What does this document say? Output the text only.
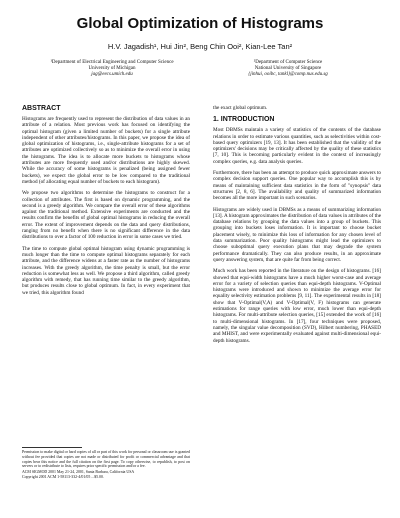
Global Optimization of Histograms
H.V. Jagadish¹, Hui Jin², Beng Chin Ooi², Kian-Lee Tan²
¹Department of Electrical Engineering and Computer Science
University of Michigan
jag@eecs.umich.edu
²Department of Computer Science
National University of Singapore
{jinhui, ooibc, tankl}@comp.nus.edu.sg
ABSTRACT

Histograms are frequently used to represent the distribution of data values in an attribute of a relation. Most previous work has focused on identifying the optimal histogram (given a limited number of buckets) for a single attribute independent of other attributes/histograms. In this paper, we propose the idea of global optimization of histograms, i.e., single-attribute histograms for a set of attributes are optimized collectively so as to minimize the overall error in using the histograms. The idea is to allocate more buckets to histograms whose attributes are more frequently used and/or distributions are highly skewed. While the accuracy of some histograms is penalized (being assigned fewer buckets), we expect the global error to be low compared to the traditional method (of allocating equal number of buckets to each histogram).

We propose two algorithms to determine the histograms to construct for a collection of attributes. The first is based on dynamic programming, and the second is a greedy algorithm. We compare the overall error of these algorithms against the traditional method. Extensive experiments are conducted and the results confirm the benefits of global optimal histograms in reducing the overall error. The extent of improvement depends on the data and query distributions, ranging from no benefit when there is no significant difference in the data distributions to over a factor of 100 reduction in error in some cases we tried.

The time to compute global optimal histogram using dynamic programming is much longer than the time to compute optimal histograms separately for each attribute, and the difference widens at a faster rate as the number of histograms increases. With the greedy algorithm, the time penalty is small, but the error reduction is somewhat less as well. We propose a third algorithm, called greedy algorithm with remedy, that has running time similar to the greedy algorithm, but produces results close to global optimum. In fact, in every experiment that we tried, this algorithm found

Permission to make digital or hard copies of all or part of this work for personal or classroom use is granted without fee provided that copies are not made or distributed for profit or commercial advantage and that copies bear this notice and the full citation on the first page. To copy otherwise, to republish, to post on servers or to redistribute to lists, requires prior specific permission and/or a fee.
ACM SIGMOD 2001 May 21-24, 2001, Santa Barbara, California USA
Copyright 2001 ACM 1-58113-332-4/01/05 ...$5.00.

the exact global optimum.

1. INTRODUCTION

Most DBMSs maintain a variety of statistics of the contents of the database relations in order to estimate various quantities, such as selectivities within cost-based query optimizers [19, 13]. It has been established that the validity of the optimizers' decisions may be critically affected by the quality of these statistics [7, 10]. This is becoming particularly evident in the context of increasingly complex queries, e.g. data analysis queries.

Furthermore, there has been an attempt to produce quick approximate answers to complex decision support queries. One popular way to accomplish this is by means of maintaining sufficient data statistics in the form of "synopsis" data structures [2, 8, 6]. The availability and quality of summarized information becomes all the more important in such scenarios.

Histograms are widely used in DBMSs as a means of summarizing information [13]. A histogram approximates the distribution of data values in attributes of the database relations by grouping the data values into a group of buckets. This grouping into buckets loses information. It is important to choose bucket placement wisely, to minimize this loss of information for any chosen level of data summarization. Poor quality histograms might lead the optimizers to choose suboptimal query execution plans that may degrade the system performance dramatically. They can also produce results, in an approximate query answering system, that are quite far from being correct.

Much work has been reported in the literature on the design of histograms. [16] showed that equi-width histograms have a much higher worst-case and average error for a variety of selection queries than equi-depth histograms. V-Optimal histograms were introduced and shown to minimize the average error for equality selectivity estimation problems [9, 11]. The experimental results in [18] show that V-Optimal(V,A) and V-Optimal(V, F) histograms can generate estimations for range queries with low error, much lower than equi-depth histograms. For multi-attribute selection queries, [15] extended the work of [16] to multi-dimensional histograms. In [17], four techniques were proposed, namely, the singular value decomposition (SVD), Hilbert numbering, PHASED and MHIST, and were experimentally evaluated against multi-dimensional equi-depth histograms.
